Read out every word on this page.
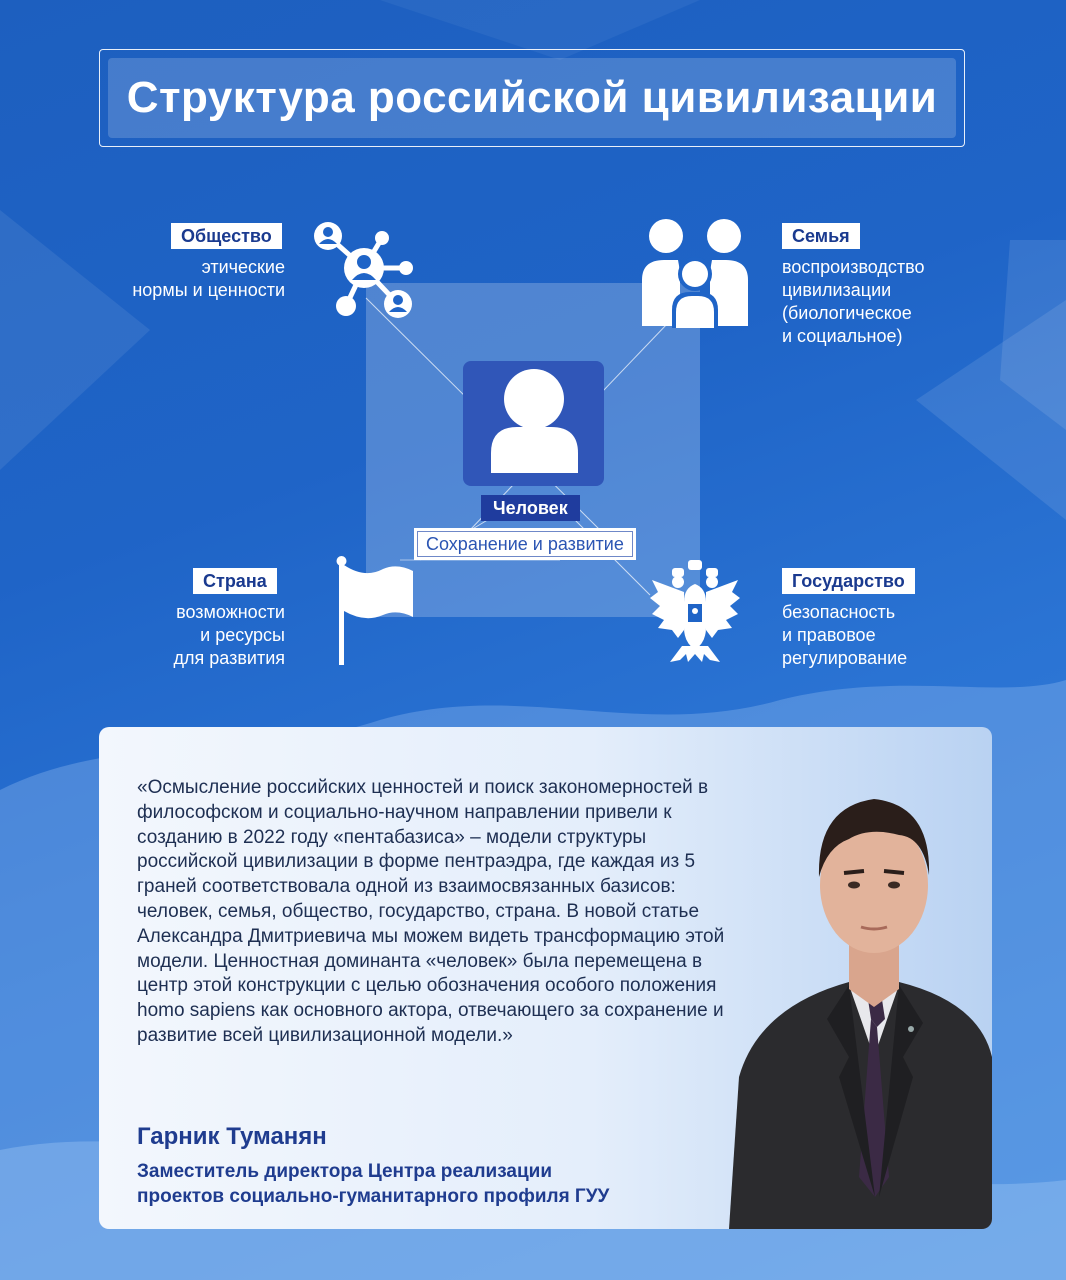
Структура российской цивилизации
Человек
Сохранение и развитие
Общество
этические
нормы и ценности
Семья
воспроизводство
цивилизации
(биологическое
и социальное)
Страна
возможности
и ресурсы
для развития
Государство
безопасность
и правовое
регулирование
«Осмысление российских ценностей и поиск закономерностей в философском и социально-научном направлении привели к созданию в 2022 году «пентабазиса» – модели структуры российской цивилизации в форме пентраэдра, где каждая из 5 граней соответствовала одной из взаимосвязанных базисов: человек, семья, общество, государство, страна. В новой статье Александра Дмитриевича мы можем видеть трансформацию этой модели. Ценностная доминанта «человек» была перемещена в центр этой конструкции с целью обозначения особого положения homo sapiens как основного актора, отвечающего за сохранение и развитие всей цивилизационной модели.»
Гарник Туманян
Заместитель директора Центра реализации
проектов социально-гуманитарного профиля ГУУ
